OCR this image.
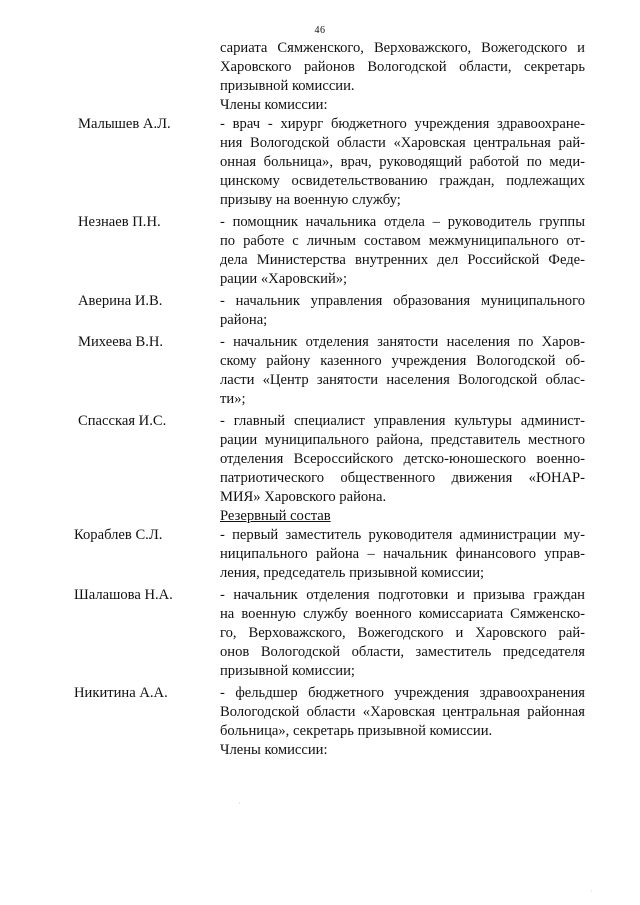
46
сариата Сямженского, Верховажского, Вожегодского и
Харовского районов Вологодской области, секретарь
призывной комиссии.
Члены комиссии:
Малышев А.Л.	- врач - хирург бюджетного учреждения здравоохране-
ния Вологодской области «Харовская центральная рай-
онная больница», врач, руководящий работой по меди-
цинскому освидетельствованию граждан, подлежащих
призыву на военную службу;
Незнаев П.Н.	- помощник начальника отдела – руководитель группы
по работе с личным составом межмуниципального от-
дела Министерства внутренних дел Российской Феде-
рации «Харовский»;
Аверина И.В.	- начальник управления образования муниципального
района;
Михеева В.Н.	- начальник отделения занятости населения по Харов-
скому району казенного учреждения Вологодской об-
ласти «Центр занятости населения Вологодской облас-
ти»;
Спасская И.С.	- главный специалист управления культуры админист-
рации муниципального района, представитель местного
отделения Всероссийского детско-юношеского военно-
патриотического общественного движения «ЮНАР-
МИЯ» Харовского района.
Резервный состав
Кораблев С.Л.	- первый заместитель руководителя администрации му-
ниципального района – начальник финансового управ-
ления, председатель призывной комиссии;
Шалашова Н.А.	- начальник отделения подготовки и призыва граждан
на военную службу военного комиссариата Сямженско-
го, Верховажского, Вожегодского и Харовского рай-
онов Вологодской области, заместитель председателя
призывной комиссии;
Никитина А.А.	- фельдшер бюджетного учреждения здравоохранения
Вологодской области «Харовская центральная районная
больница», секретарь призывной комиссии.
Члены комиссии:
·
ˈ
